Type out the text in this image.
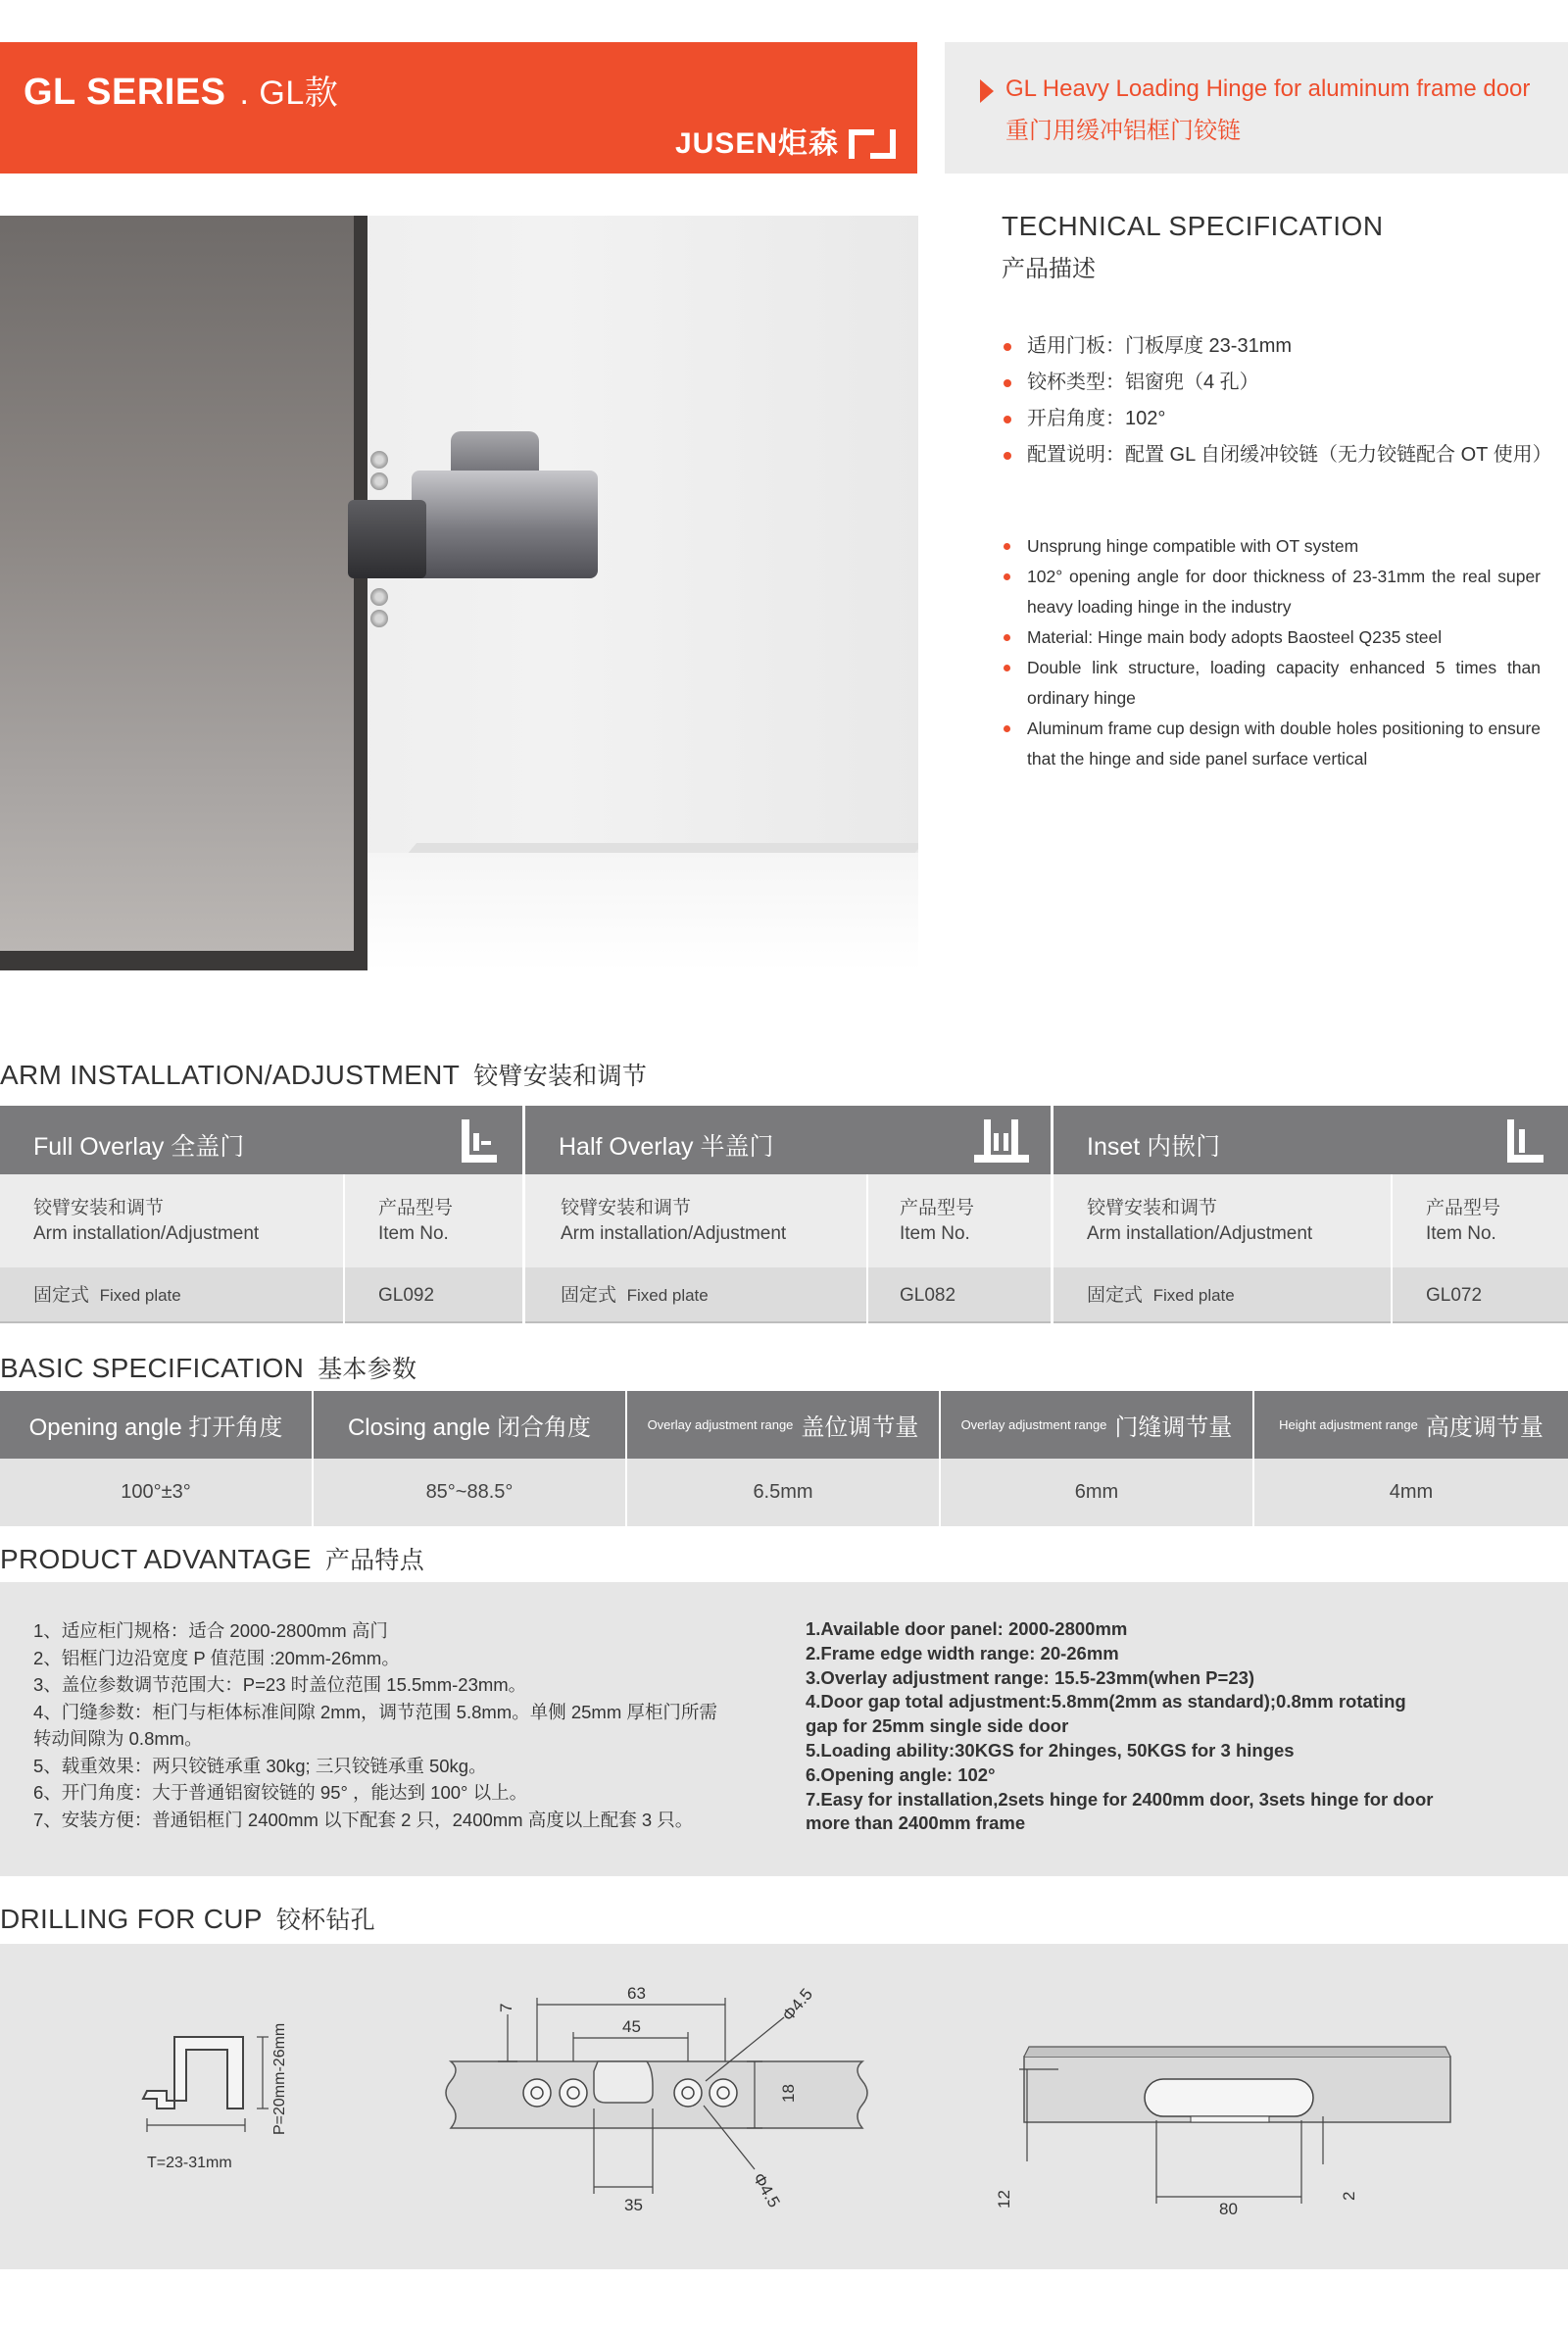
GL SERIES . GL款
JUSEN炬森
GL Heavy Loading Hinge for aluminum frame door
重门用缓冲铝框门铰链
TECHNICAL SPECIFICATION
产品描述
适用门板：门板厚度 23-31mm
铰杯类型：铝窗兜（4 孔）
开启角度：102°
配置说明：配置 GL 自闭缓冲铰链（无力铰链配合 OT 使用）
Unsprung hinge compatible with OT system
102° opening angle for door thickness of 23-31mm the real super heavy loading hinge in the industry
Material: Hinge main body adopts Baosteel Q235 steel
Double link structure, loading capacity enhanced 5 times than ordinary hinge
Aluminum frame cup design with double holes positioning to ensure that the hinge and side panel surface vertical
ARM INSTALLATION/ADJUSTMENT 铰臂安装和调节
Full Overlay 全盖门
铰臂安装和调节
Arm installation/Adjustment
产品型号
Item No.
固定式 Fixed plate	GL092
Half Overlay 半盖门
铰臂安装和调节
Arm installation/Adjustment
产品型号
Item No.
固定式 Fixed plate	GL082
Inset 内嵌门
铰臂安装和调节
Arm installation/Adjustment
产品型号
Item No.
固定式 Fixed plate	GL072
BASIC SPECIFICATION 基本参数
Opening angle 打开角度	Closing angle 闭合角度	Overlay adjustment range 盖位调节量	Overlay adjustment range 门缝调节量	Height adjustment range 高度调节量
100°±3°	85°~88.5°	6.5mm	6mm	4mm
PRODUCT ADVANTAGE 产品特点
1、适应柜门规格：适合 2000-2800mm 高门
2、铝框门边沿宽度 P 值范围 :20mm-26mm。
3、盖位参数调节范围大：P=23 时盖位范围 15.5mm-23mm。
4、门缝参数：柜门与柜体标准间隙 2mm，调节范围 5.8mm。单侧 25mm 厚柜门所需
转动间隙为 0.8mm。
5、载重效果：两只铰链承重 30kg; 三只铰链承重 50kg。
6、开门角度：大于普通铝窗铰链的 95° ，能达到 100° 以上。
7、安装方便：普通铝框门 2400mm 以下配套 2 只，2400mm 高度以上配套 3 只。
1.Available door panel: 2000-2800mm
2.Frame edge width range: 20-26mm
3.Overlay adjustment range: 15.5-23mm(when P=23)
4.Door gap total adjustment:5.8mm(2mm as standard);0.8mm rotating
gap for 25mm single side door
5.Loading ability:30KGS for 2hinges, 50KGS for 3 hinges
6.Opening angle: 102°
7.Easy for installation,2sets hinge for 2400mm door, 3sets hinge for door
more than 2400mm frame
DRILLING FOR CUP 铰杯钻孔
T=23-31mm
P=20mm-26mm
63
45
35
7
18
Φ4.5
Φ4.5	80
12	2
